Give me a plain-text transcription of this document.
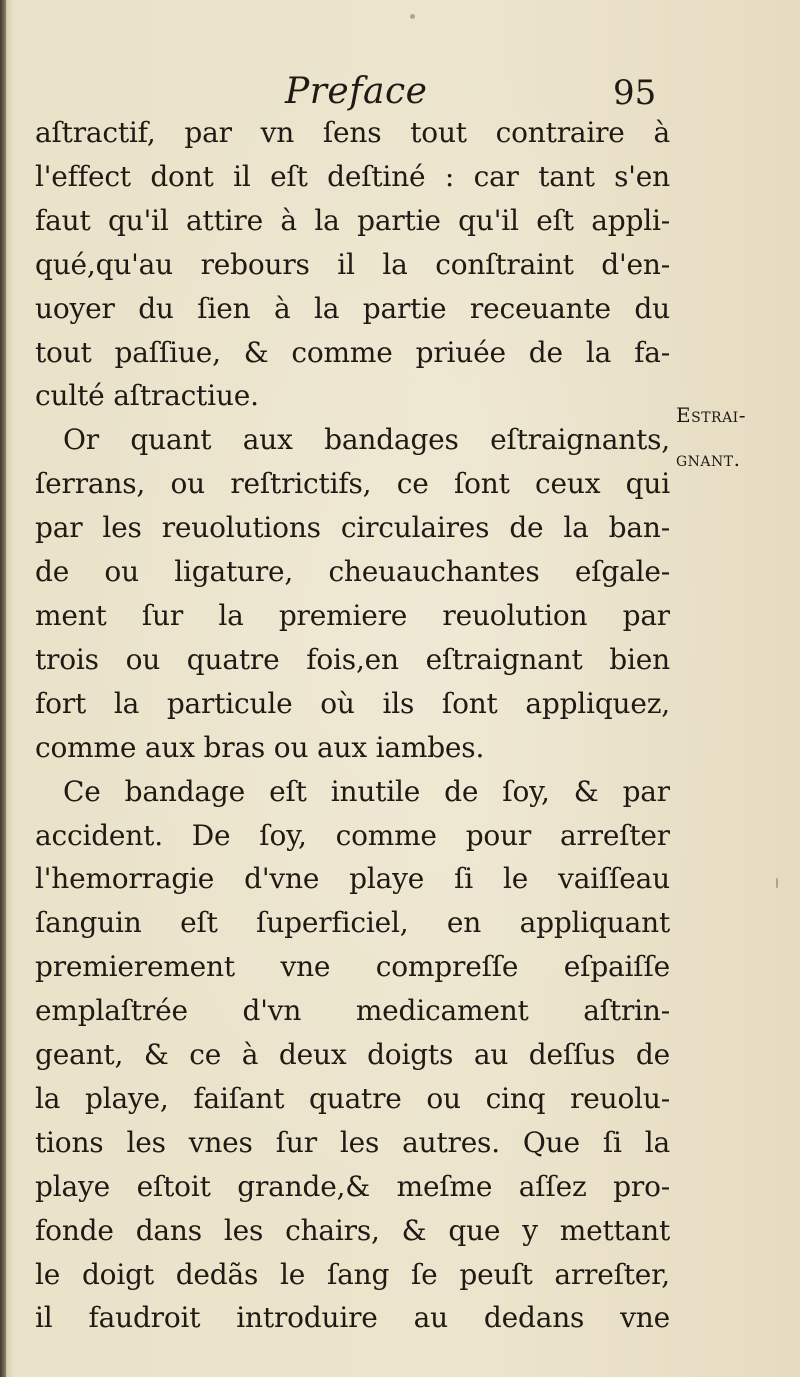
Preface	95
aſtractif, par vn ſens tout contraire à
l'effect dont il eſt deſtiné : car tant s'en
faut qu'il attire à la partie qu'il eſt appli-
qué,qu'au rebours il la conſtraint d'en-
uoyer du ſien à la partie receuante du
tout paſſiue, & comme priuée de la fa-
culté aſtractiue.
Or quant aux bandages eſtraignants,
ſerrans, ou reſtrictifs, ce ſont ceux qui
par les reuolutions circulaires de la ban-
de ou ligature, cheuauchantes eſgale-
ment ſur la premiere reuolution par
trois ou quatre fois,en eſtraignant bien
fort la particule où ils ſont appliquez,
comme aux bras ou aux iambes.
Ce bandage eſt inutile de ſoy, & par
accident. De ſoy, comme pour arreſter
l'hemorragie d'vne playe ſi le vaiſſeau
ſanguin eſt ſuperficiel, en appliquant
premierement vne compreſſe eſpaiſſe
emplaſtrée d'vn medicament aſtrin-
geant, & ce à deux doigts au deſſus de
la playe, faiſant quatre ou cinq reuolu-
tions les vnes ſur les autres. Que ſi la
playe eſtoit grande,& meſme aſſez pro-
fonde dans les chairs, & que y mettant
le doigt dedãs le ſang ſe peuſt arreſter,
il faudroit introduire au dedans vne
Estrai-
gnant.
